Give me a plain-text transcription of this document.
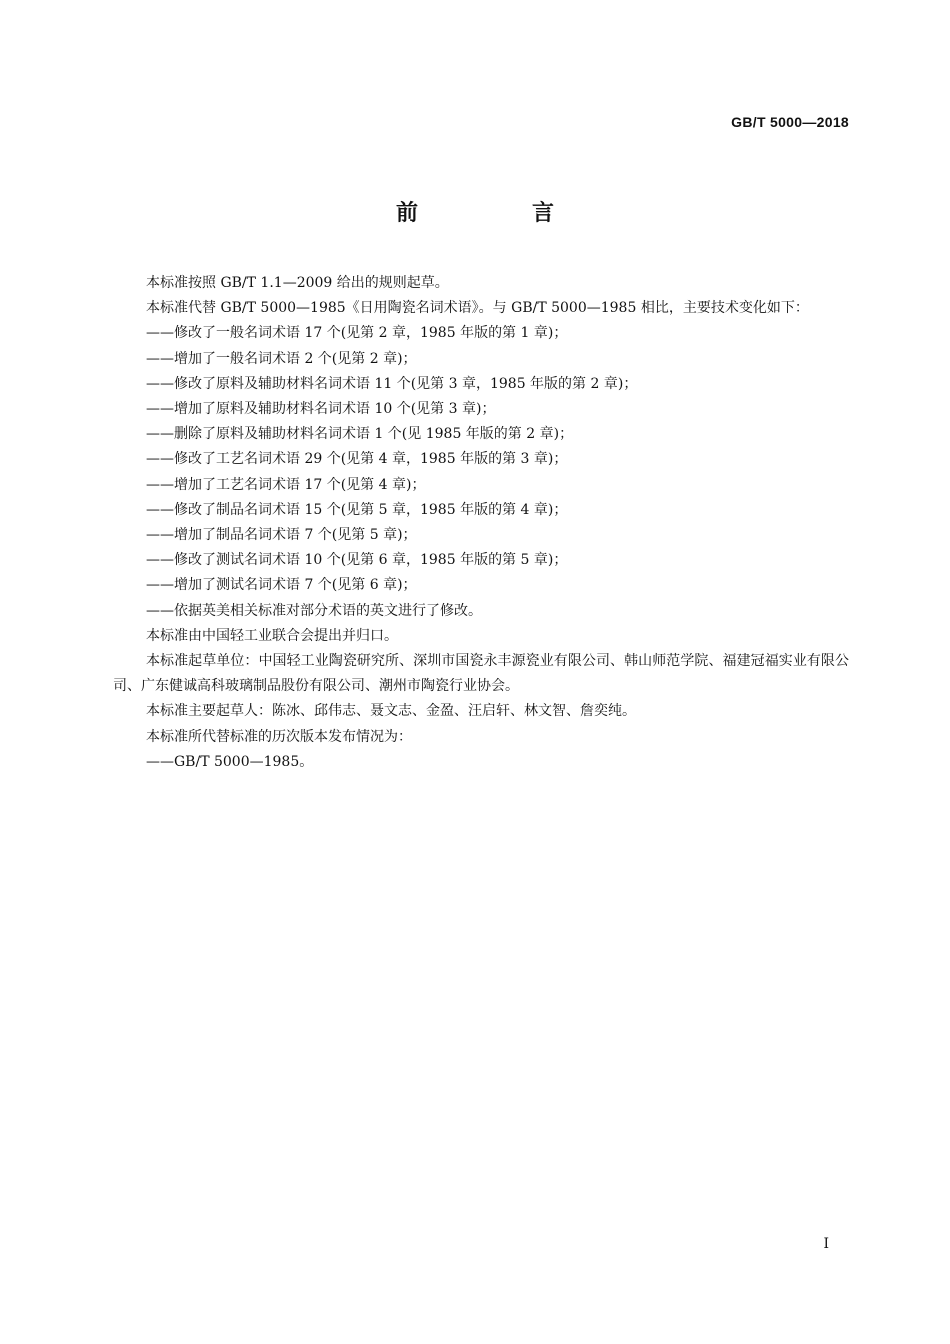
GB/T 5000—2018
前　言

本标准按照 GB/T 1.1—2009 给出的规则起草。

本标准代替 GB/T 5000—1985《日用陶瓷名词术语》。与 GB/T 5000—1985 相比，主要技术变化如下：

——修改了一般名词术语 17 个(见第 2 章，1985 年版的第 1 章)；

——增加了一般名词术语 2 个(见第 2 章)；

——修改了原料及辅助材料名词术语 11 个(见第 3 章，1985 年版的第 2 章)；

——增加了原料及辅助材料名词术语 10 个(见第 3 章)；

——删除了原料及辅助材料名词术语 1 个(见 1985 年版的第 2 章)；

——修改了工艺名词术语 29 个(见第 4 章，1985 年版的第 3 章)；

——增加了工艺名词术语 17 个(见第 4 章)；

——修改了制品名词术语 15 个(见第 5 章，1985 年版的第 4 章)；

——增加了制品名词术语 7 个(见第 5 章)；

——修改了测试名词术语 10 个(见第 6 章，1985 年版的第 5 章)；

——增加了测试名词术语 7 个(见第 6 章)；

——依据英美相关标准对部分术语的英文进行了修改。

本标准由中国轻工业联合会提出并归口。

本标准起草单位：中国轻工业陶瓷研究所、深圳市国瓷永丰源瓷业有限公司、韩山师范学院、福建冠福实业有限公司、广东健诚高科玻璃制品股份有限公司、潮州市陶瓷行业协会。

本标准主要起草人：陈冰、邱伟志、聂文志、金盈、汪启轩、林文智、詹奕纯。

本标准所代替标准的历次版本发布情况为：

——GB/T 5000—1985。

I
